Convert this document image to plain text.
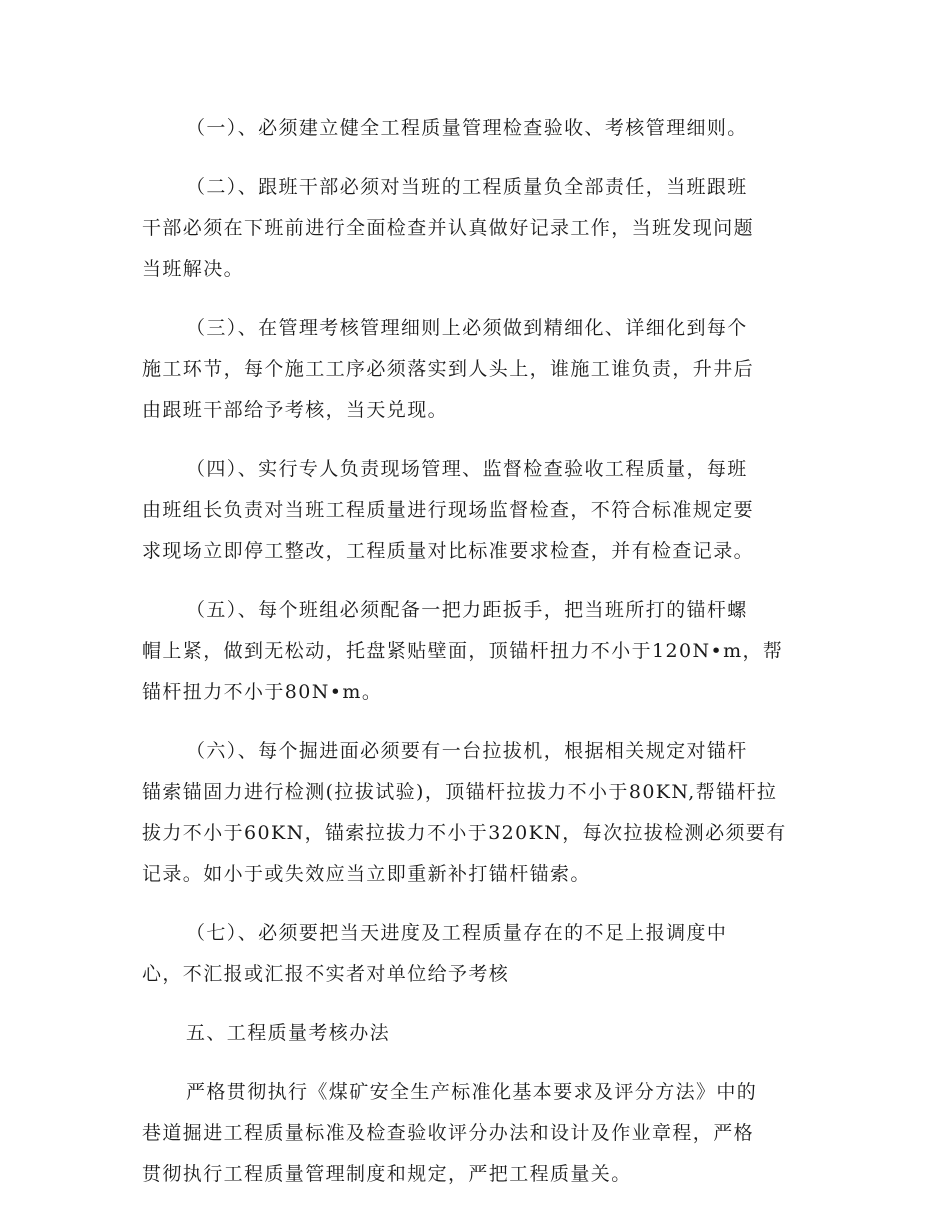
（一）、必须建立健全工程质量管理检查验收、考核管理细则。

（二）、跟班干部必须对当班的工程质量负全部责任，当班跟班
干部必须在下班前进行全面检查并认真做好记录工作，当班发现问题
当班解决。

（三）、在管理考核管理细则上必须做到精细化、详细化到每个
施工环节，每个施工工序必须落实到人头上，谁施工谁负责，升井后
由跟班干部给予考核，当天兑现。

（四）、实行专人负责现场管理、监督检查验收工程质量，每班
由班组长负责对当班工程质量进行现场监督检查，不符合标准规定要
求现场立即停工整改，工程质量对比标准要求检查，并有检查记录。

（五）、每个班组必须配备一把力距扳手，把当班所打的锚杆螺
帽上紧，做到无松动，托盘紧贴壁面，顶锚杆扭力不小于120N•m，帮
锚杆扭力不小于80N•m。

（六）、每个掘进面必须要有一台拉拔机，根据相关规定对锚杆
锚索锚固力进行检测(拉拔试验)，顶锚杆拉拔力不小于80KN,帮锚杆拉
拔力不小于60KN，锚索拉拔力不小于320KN，每次拉拔检测必须要有
记录。如小于或失效应当立即重新补打锚杆锚索。

（七）、必须要把当天进度及工程质量存在的不足上报调度中
心，不汇报或汇报不实者对单位给予考核

五、工程质量考核办法

严格贯彻执行《煤矿安全生产标准化基本要求及评分方法》中的
巷道掘进工程质量标准及检查验收评分办法和设计及作业章程，严格
贯彻执行工程质量管理制度和规定，严把工程质量关。
